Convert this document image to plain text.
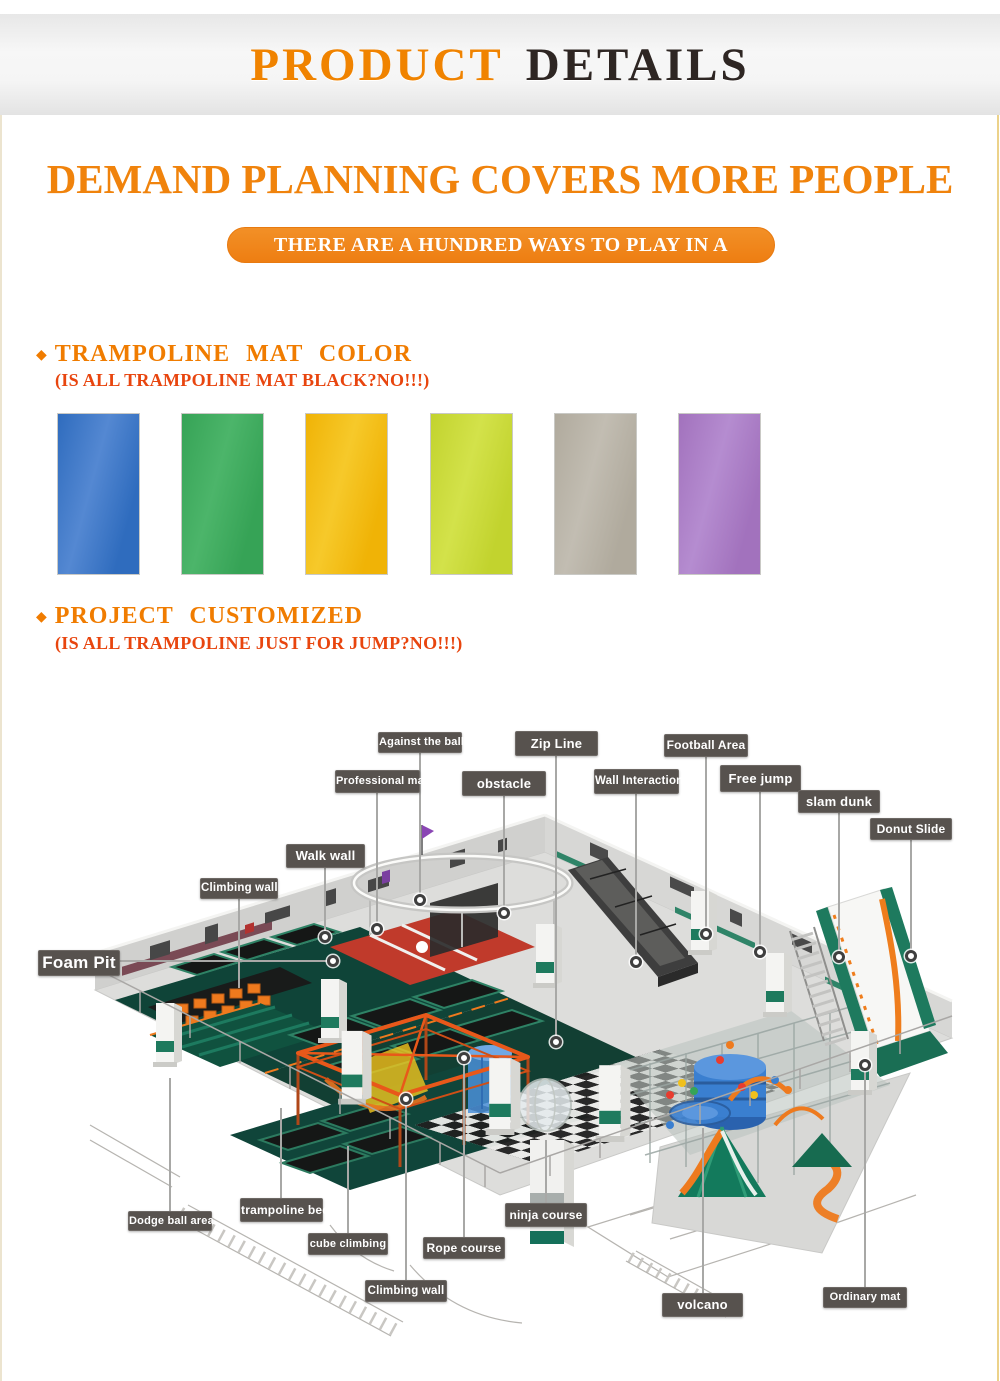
PRODUCT DETAILS
DEMAND PLANNING COVERS MORE PEOPLE
THERE ARE A HUNDRED WAYS TO PLAY IN A PARADISE
◆ TRAMPOLINE MAT COLOR
(IS ALL TRAMPOLINE MAT BLACK?NO!!!)
◆ PROJECT CUSTOMIZED
(IS ALL TRAMPOLINE JUST FOR JUMP?NO!!!)
Against the ball	Zip Line	Football Area
Professional mat	obstacle	Wall Interaction	Free jump
slam dunk
Donut Slide
Walk wall
Climbing wall
Foam Pit
Dodge ball area
trampoline bed
cube climbing
Climbing wall
Rope course
ninja course
volcano	Ordinary mat
